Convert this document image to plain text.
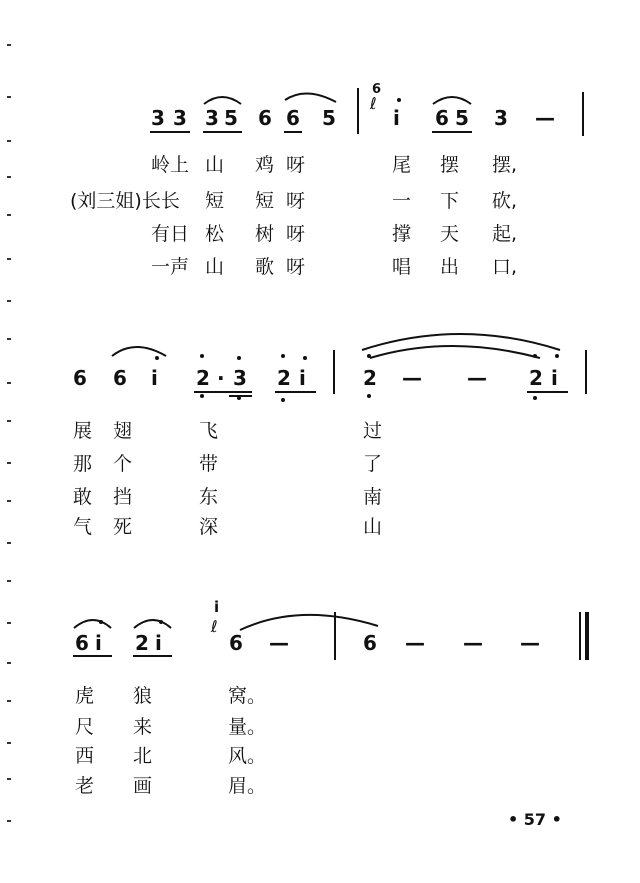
3 3 3 5 6 6 5
6
ℓ
i 6 5 3 —
岭上 山 鸡 呀	尾 摆 摆,
(刘三姐)长长 短 短 呀	一 下 砍,
有日 松 树 呀	撑 天 起,
一声 山 歌 呀	唱 出 口,
6 6 i 2 · 3 2 i	2 — — 2 i
展 翅	飞	过
那 个	带	了
敢 挡	东	南
气 死	深	山
6 i 2 i
i
ℓ
6 —	6 — — —
虎 狼	窝。
尺 来	量。
西 北	风。
老 画	眉。
• 57 •
